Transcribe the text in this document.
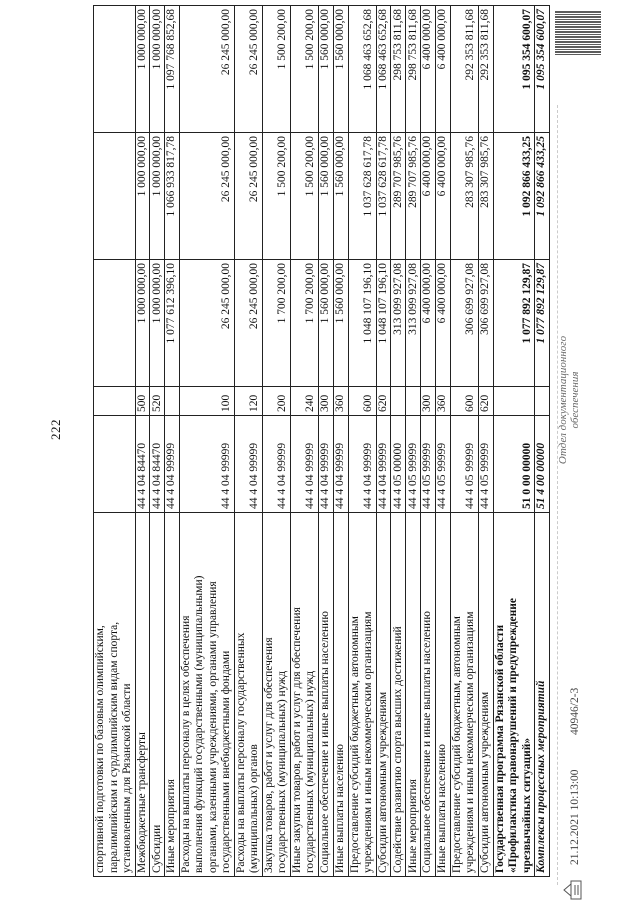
222
спортивной подготовки по базовым олимпийским,
паралимпийским и сурдлимпийским видам спорта,
установленным для Рязанской области
Межбюджетные трансферты
44 4 04 84470
500
1 000 000,00
1 000 000,00
1 000 000,00
Субсидии
44 4 04 84470
520
1 000 000,00
1 000 000,00
1 000 000,00
Иные мероприятия
44 4 04 99999
1 077 612 396,10
1 066 933 817,78
1 097 768 852,68
Расходы на выплаты персоналу в целях обеспечения
выполнения функций государственными (муниципальными)
органами, казенными учреждениями, органами управления
государственными внебюджетными фондами
44 4 04 99999
100
26 245 000,00
26 245 000,00
26 245 000,00
Расходы на выплаты персоналу государственных
(муниципальных) органов
44 4 04 99999
120
26 245 000,00
26 245 000,00
26 245 000,00
Закупка товаров, работ и услуг для обеспечения
государственных (муниципальных) нужд
44 4 04 99999
200
1 700 200,00
1 500 200,00
1 500 200,00
Иные закупки товаров, работ и услуг для обеспечения
государственных (муниципальных) нужд
44 4 04 99999
240
1 700 200,00
1 500 200,00
1 500 200,00
Социальное обеспечение и иные выплаты населению
44 4 04 99999
300
1 560 000,00
1 560 000,00
1 560 000,00
Иные выплаты населению
44 4 04 99999
360
1 560 000,00
1 560 000,00
1 560 000,00
Предоставление субсидий бюджетным, автономным
учреждениям и иным некоммерческим организациям
44 4 04 99999
600
1 048 107 196,10
1 037 628 617,78
1 068 463 652,68
Субсидии автономным учреждениям
44 4 04 99999
620
1 048 107 196,10
1 037 628 617,78
1 068 463 652,68
Содействие развитию спорта высших достижений
44 4 05 00000
313 099 927,08
289 707 985,76
298 753 811,68
Иные мероприятия
44 4 05 99999
313 099 927,08
289 707 985,76
298 753 811,68
Социальное обеспечение и иные выплаты населению
44 4 05 99999
300
6 400 000,00
6 400 000,00
6 400 000,00
Иные выплаты населению
44 4 05 99999
360
6 400 000,00
6 400 000,00
6 400 000,00
Предоставление субсидий бюджетным, автономным
учреждениям и иным некоммерческим организациям
44 4 05 99999
600
306 699 927,08
283 307 985,76
292 353 811,68
Субсидии автономным учреждениям
44 4 05 99999
620
306 699 927,08
283 307 985,76
292 353 811,68
Государственная программа Рязанской области
«Профилактика правонарушений и предупреждение
чрезвычайных ситуаций»
51 0 00 00000
1 077 892 129,87
1 092 866 433,25
1 095 354 600,07
Комплексы процессных мероприятий
51 4 00 00000
1 077 892 129,87
1 092 866 433,25
1 095 354 600,07
21.12.2021 10:13:00
40946/2-3
Отдел документационного
обеспечения
